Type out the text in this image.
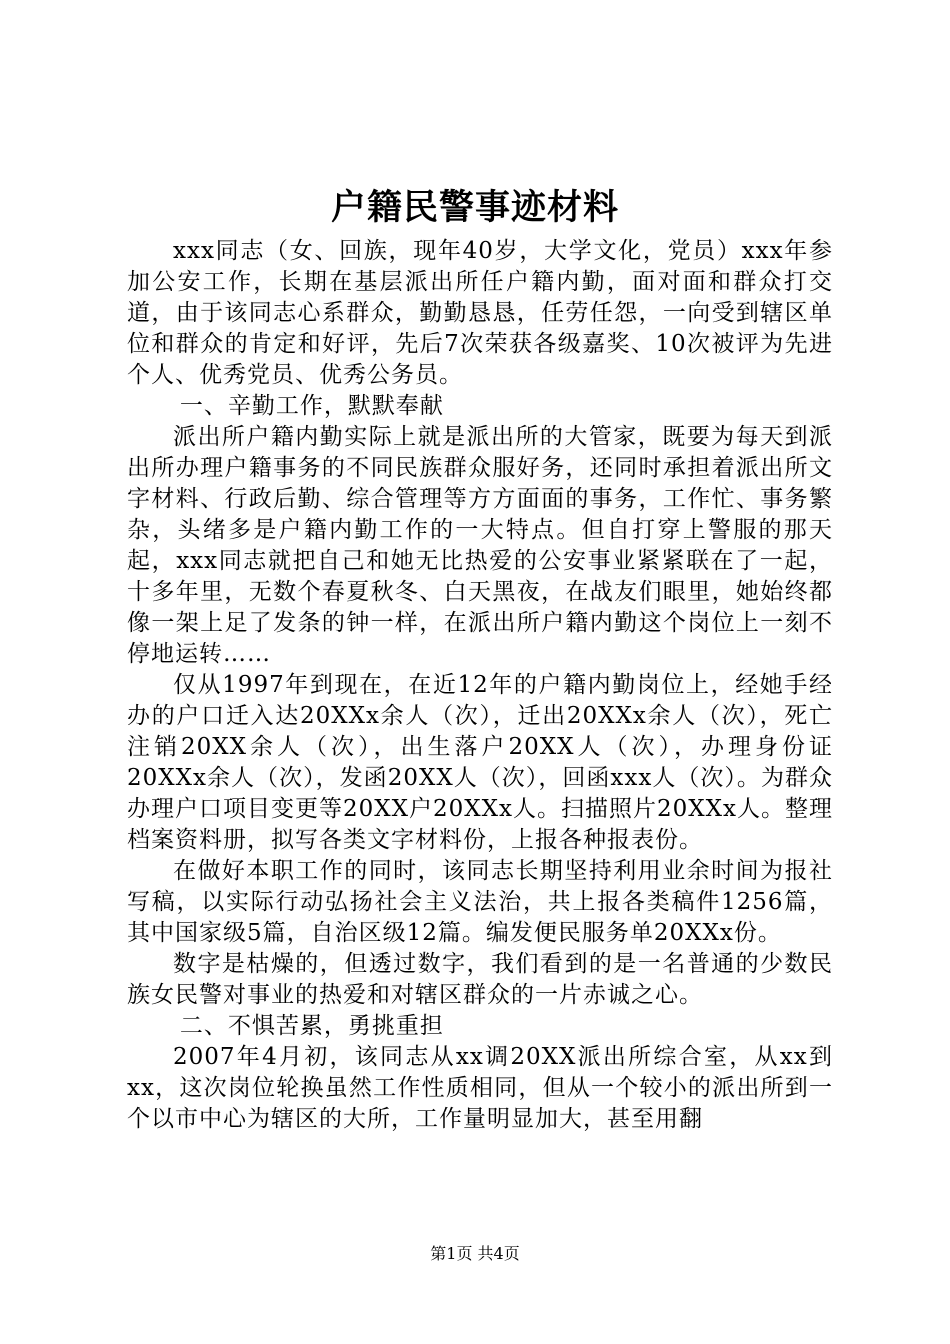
户籍民警事迹材料

xxx同志（女、回族，现年40岁，大学文化，党员）xxx年参加公安工作，长期在基层派出所任户籍内勤，面对面和群众打交道，由于该同志心系群众，勤勤恳恳，任劳任怨，一向受到辖区单位和群众的肯定和好评，先后7次荣获各级嘉奖、10次被评为先进个人、优秀党员、优秀公务员。

一、辛勤工作，默默奉献

派出所户籍内勤实际上就是派出所的大管家，既要为每天到派出所办理户籍事务的不同民族群众服好务，还同时承担着派出所文字材料、行政后勤、综合管理等方方面面的事务，工作忙、事务繁杂，头绪多是户籍内勤工作的一大特点。但自打穿上警服的那天起，xxx同志就把自己和她无比热爱的公安事业紧紧联在了一起，十多年里，无数个春夏秋冬、白天黑夜，在战友们眼里，她始终都像一架上足了发条的钟一样，在派出所户籍内勤这个岗位上一刻不停地运转……

仅从1997年到现在，在近12年的户籍内勤岗位上，经她手经办的户口迁入达20XXx余人（次），迁出20XXx余人（次），死亡注销20XX余人（次），出生落户20XX人（次），办理身份证20XXx余人（次），发函20XX人（次），回函xxx人（次）。为群众办理户口项目变更等20XX户20XXx人。扫描照片20XXx人。整理档案资料册，拟写各类文字材料份，上报各种报表份。

在做好本职工作的同时，该同志长期坚持利用业余时间为报社写稿，以实际行动弘扬社会主义法治，共上报各类稿件1256篇，其中国家级5篇，自治区级12篇。编发便民服务单20XXx份。

数字是枯燥的，但透过数字，我们看到的是一名普通的少数民族女民警对事业的热爱和对辖区群众的一片赤诚之心。

二、不惧苦累，勇挑重担

2007年4月初，该同志从xx调20XX派出所综合室，从xx到xx，这次岗位轮换虽然工作性质相同，但从一个较小的派出所到一个以市中心为辖区的大所，工作量明显加大，甚至用翻

第1页 共4页
